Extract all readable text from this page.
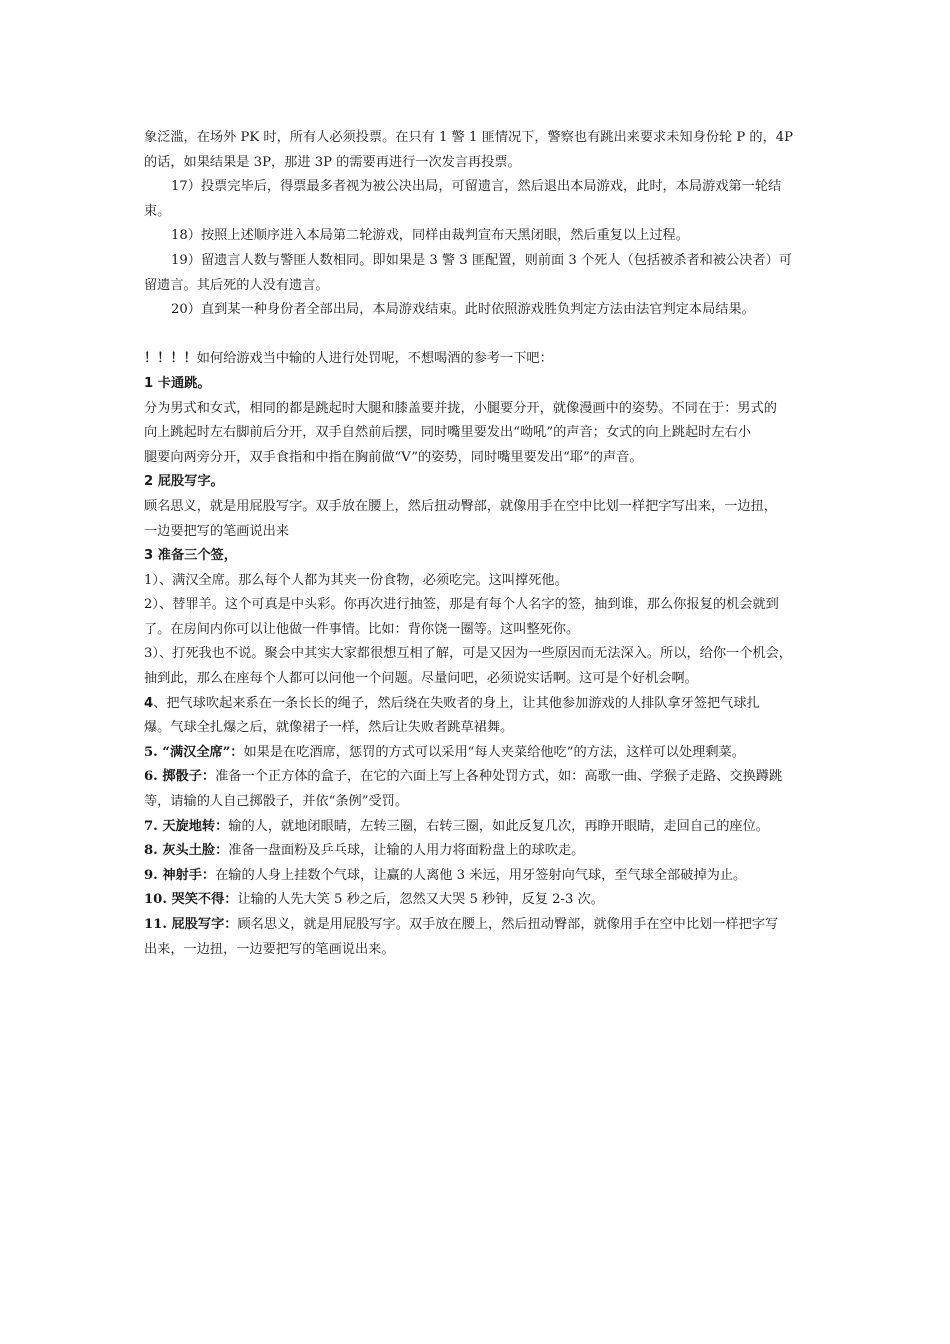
象泛滥，在场外 PK 时，所有人必须投票。在只有 1 警 1 匪情况下，警察也有跳出来要求未知身份轮 P 的，4P
的话，如果结果是 3P，那进 3P 的需要再进行一次发言再投票。
17）投票完毕后，得票最多者视为被公决出局，可留遗言，然后退出本局游戏，此时，本局游戏第一轮结
束。
18）按照上述顺序进入本局第二轮游戏，同样由裁判宣布天黑闭眼，然后重复以上过程。
19）留遗言人数与警匪人数相同。即如果是 3 警 3 匪配置，则前面 3 个死人（包括被杀者和被公决者）可
留遗言。其后死的人没有遗言。
20）直到某一种身份者全部出局，本局游戏结束。此时依照游戏胜负判定方法由法官判定本局结果。
！！！！如何给游戏当中输的人进行处罚呢，不想喝酒的参考一下吧：
1 卡通跳。
分为男式和女式，相同的都是跳起时大腿和膝盖要并拢，小腿要分开，就像漫画中的姿势。不同在于：男式的
向上跳起时左右脚前后分开，双手自然前后摆，同时嘴里要发出“呦吼”的声音；女式的向上跳起时左右小
腿要向两旁分开，双手食指和中指在胸前做“V”的姿势，同时嘴里要发出“耶”的声音。
2 屁股写字。
顾名思义，就是用屁股写字。双手放在腰上，然后扭动臀部，就像用手在空中比划一样把字写出来，一边扭，
一边要把写的笔画说出来
3 准备三个签，
1）、满汉全席。那么每个人都为其夹一份食物，必须吃完。这叫撑死他。
2）、替罪羊。这个可真是中头彩。你再次进行抽签，那是有每个人名字的签，抽到谁，那么你报复的机会就到
了。在房间内你可以让他做一件事情。比如：背你饶一圈等。这叫整死你。
3）、打死我也不说。聚会中其实大家都很想互相了解，可是又因为一些原因而无法深入。所以，给你一个机会，
抽到此，那么在座每个人都可以问他一个问题。尽量问吧，必须说实话啊。这可是个好机会啊。
4、把气球吹起来系在一条长长的绳子，然后绕在失败者的身上，让其他参加游戏的人排队拿牙签把气球扎
爆。气球全扎爆之后，就像裙子一样，然后让失败者跳草裙舞。
5. “满汉全席”：如果是在吃酒席，惩罚的方式可以采用“每人夹菜给他吃”的方法，这样可以处理剩菜。
6. 掷骰子：准备一个正方体的盒子，在它的六面上写上各种处罚方式，如：高歌一曲、学猴子走路、交换蹲跳
等，请输的人自己掷骰子，并依“条例”受罚。
7. 天旋地转：输的人，就地闭眼睛，左转三圈，右转三圈，如此反复几次，再睁开眼睛，走回自己的座位。
8. 灰头土脸：准备一盘面粉及乒乓球，让输的人用力将面粉盘上的球吹走。
9. 神射手：在输的人身上挂数个气球，让赢的人离他 3 米远，用牙签射向气球，至气球全部破掉为止。
10. 哭笑不得：让输的人先大笑 5 秒之后，忽然又大哭 5 秒钟，反复 2-3 次。
11. 屁股写字：顾名思义，就是用屁股写字。双手放在腰上，然后扭动臀部，就像用手在空中比划一样把字写
出来，一边扭，一边要把写的笔画说出来。
